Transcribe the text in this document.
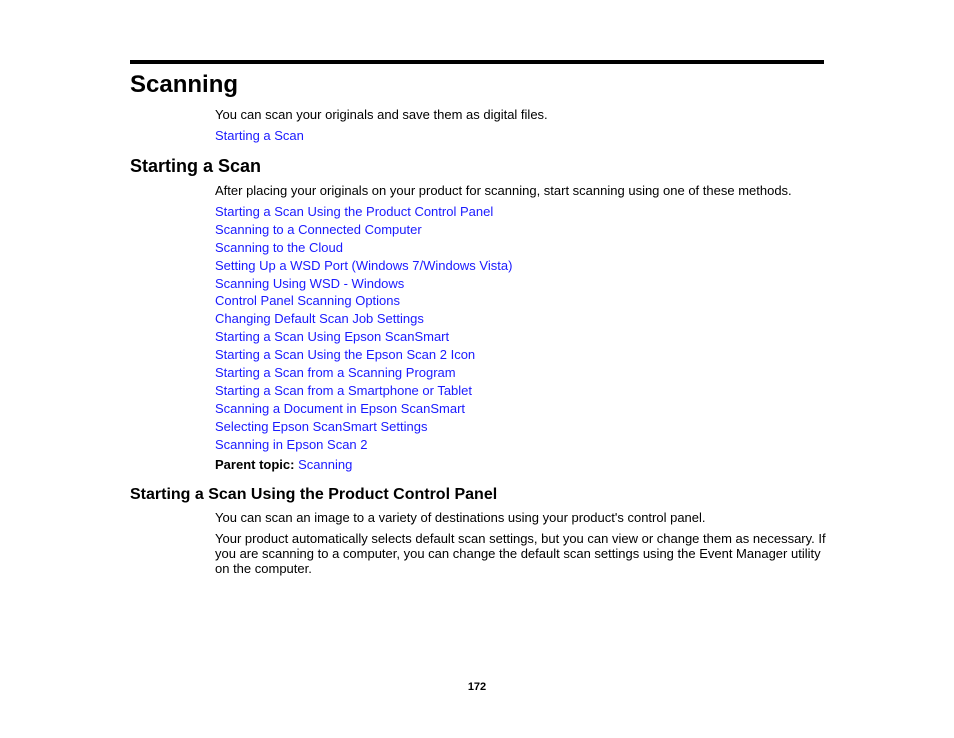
Scanning

You can scan your originals and save them as digital files.

Starting a Scan

Starting a Scan

After placing your originals on your product for scanning, start scanning using one of these methods.

Starting a Scan Using the Product Control Panel
Scanning to a Connected Computer
Scanning to the Cloud
Setting Up a WSD Port (Windows 7/Windows Vista)
Scanning Using WSD - Windows
Control Panel Scanning Options
Changing Default Scan Job Settings
Starting a Scan Using Epson ScanSmart
Starting a Scan Using the Epson Scan 2 Icon
Starting a Scan from a Scanning Program
Starting a Scan from a Smartphone or Tablet
Scanning a Document in Epson ScanSmart
Selecting Epson ScanSmart Settings
Scanning in Epson Scan 2

Parent topic: Scanning

Starting a Scan Using the Product Control Panel

You can scan an image to a variety of destinations using your product's control panel.

Your product automatically selects default scan settings, but you can view or change them as necessary. If you are scanning to a computer, you can change the default scan settings using the Event Manager utility on the computer.

172
